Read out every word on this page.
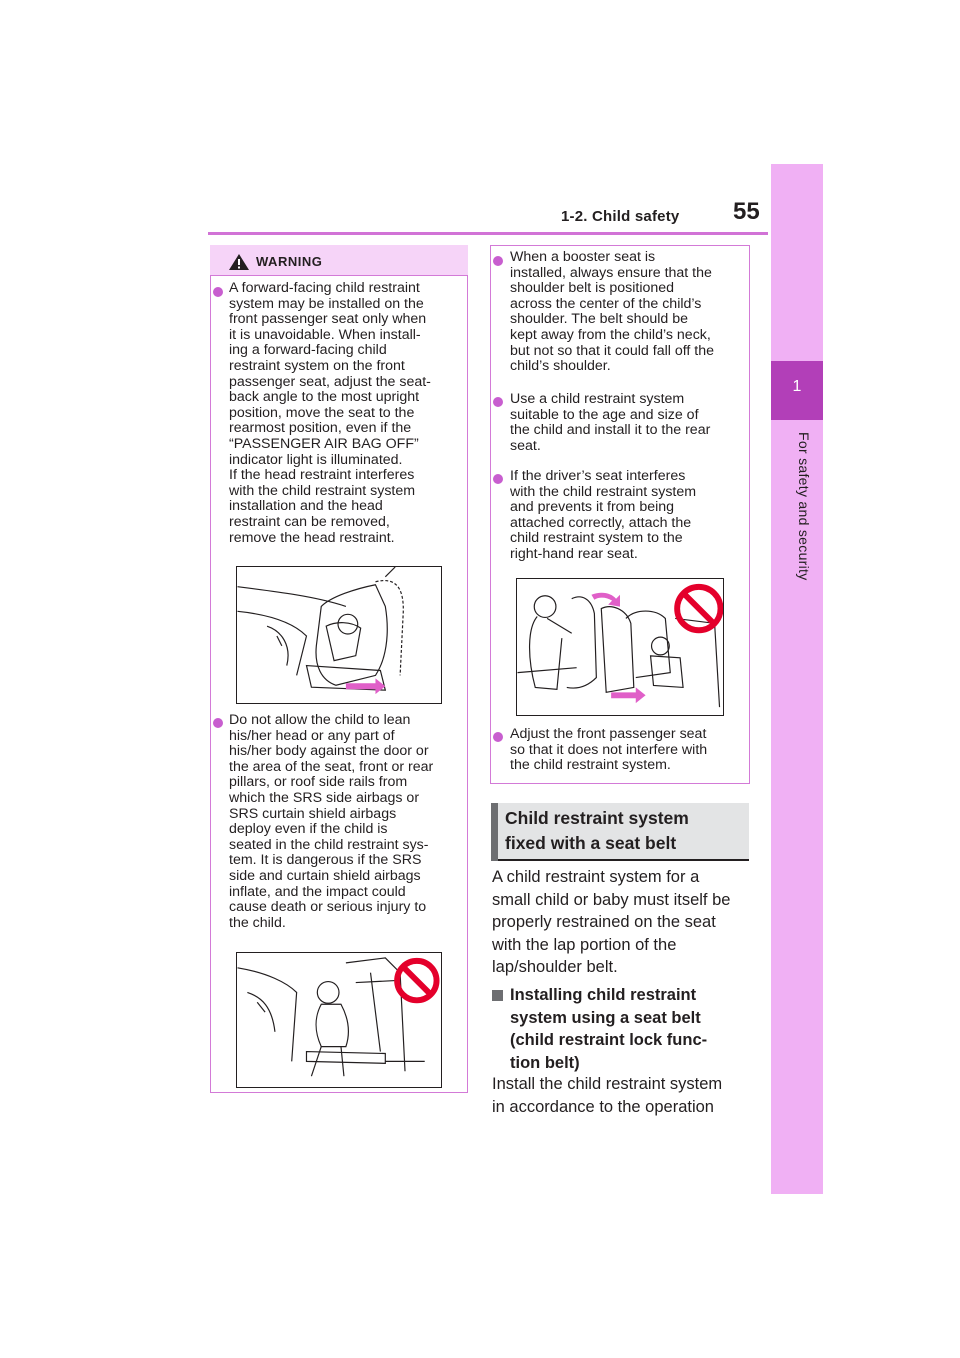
1-2. Child safety 55
1
For safety and security
WARNING
A forward-facing child restraint
system may be installed on the
front passenger seat only when
it is unavoidable. When install-
ing a forward-facing child
restraint system on the front
passenger seat, adjust the seat-
back angle to the most upright
position, move the seat to the
rearmost position, even if the
“PASSENGER AIR BAG OFF”
indicator light is illuminated.
If the head restraint interferes
with the child restraint system
installation and the head
restraint can be removed,
remove the head restraint.
Do not allow the child to lean
his/her head or any part of
his/her body against the door or
the area of the seat, front or rear
pillars, or roof side rails from
which the SRS side airbags or
SRS curtain shield airbags
deploy even if the child is
seated in the child restraint sys-
tem. It is dangerous if the SRS
side and curtain shield airbags
inflate, and the impact could
cause death or serious injury to
the child.
When a booster seat is
installed, always ensure that the
shoulder belt is positioned
across the center of the child’s
shoulder. The belt should be
kept away from the child’s neck,
but not so that it could fall off the
child’s shoulder.
Use a child restraint system
suitable to the age and size of
the child and install it to the rear
seat.
If the driver’s seat interferes
with the child restraint system
and prevents it from being
attached correctly, attach the
child restraint system to the
right-hand rear seat.
Adjust the front passenger seat
so that it does not interfere with
the child restraint system.
Child restraint system
fixed with a seat belt
A child restraint system for a
small child or baby must itself be
properly restrained on the seat
with the lap portion of the
lap/shoulder belt.
Installing child restraint
system using a seat belt
(child restraint lock func-
tion belt)
Install the child restraint system
in accordance to the operation
